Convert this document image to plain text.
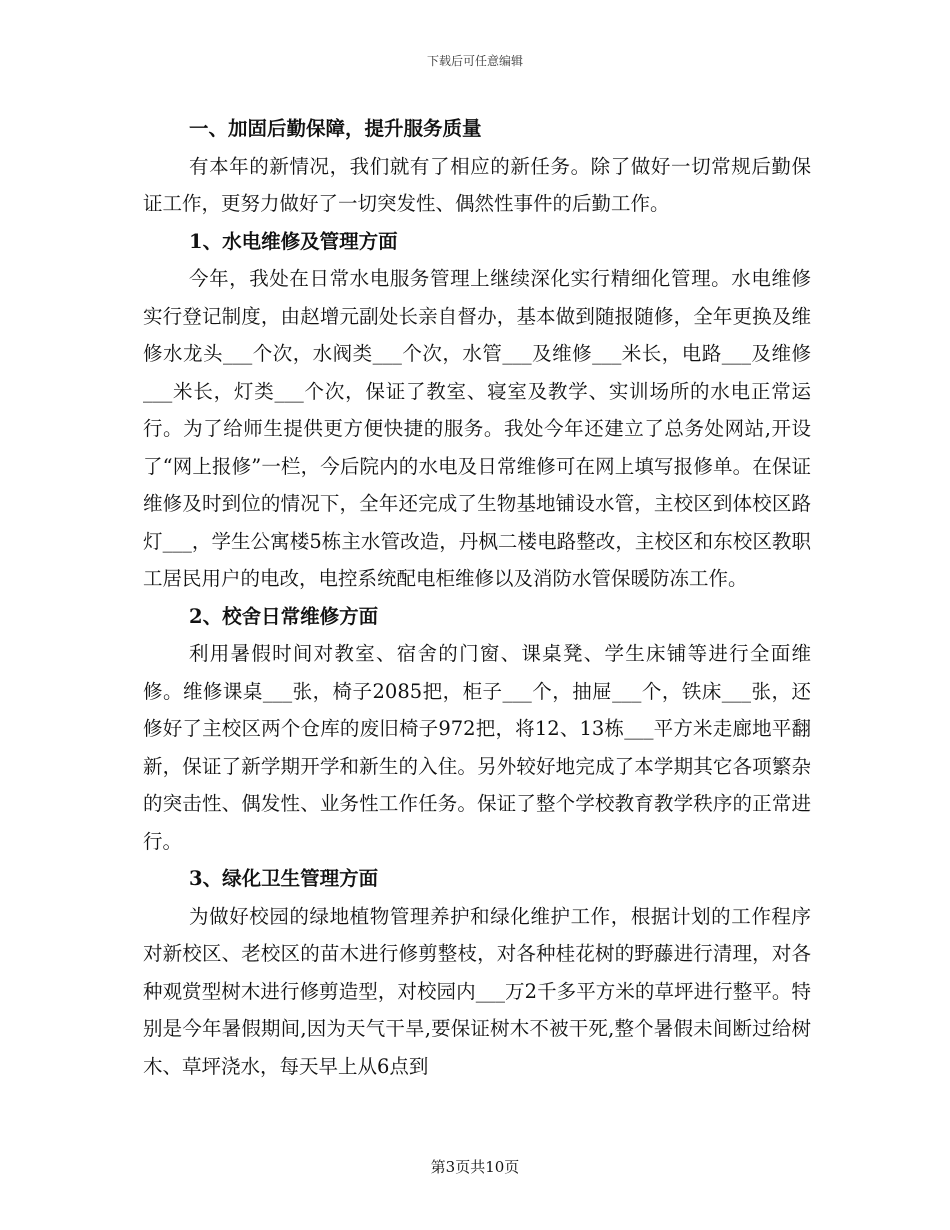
下载后可任意编辑

一、加固后勤保障，提升服务质量

有本年的新情况，我们就有了相应的新任务。除了做好一切常规后勤保证工作，更努力做好了一切突发性、偶然性事件的后勤工作。

1、水电维修及管理方面

今年，我处在日常水电服务管理上继续深化实行精细化管理。水电维修实行登记制度，由赵增元副处长亲自督办，基本做到随报随修，全年更换及维修水龙头___个次，水阀类___个次，水管___及维修___米长，电路___及维修___米长，灯类___个次，保证了教室、寝室及教学、实训场所的水电正常运行。为了给师生提供更方便快捷的服务。我处今年还建立了总务处网站,开设了“网上报修”一栏，今后院内的水电及日常维修可在网上填写报修单。在保证维修及时到位的情况下，全年还完成了生物基地铺设水管，主校区到体校区路灯___，学生公寓楼5栋主水管改造，丹枫二楼电路整改，主校区和东校区教职工居民用户的电改，电控系统配电柜维修以及消防水管保暖防冻工作。

2、校舍日常维修方面

利用暑假时间对教室、宿舍的门窗、课桌凳、学生床铺等进行全面维修。维修课桌___张，椅子2085把，柜子___个，抽屉___个，铁床___张，还修好了主校区两个仓库的废旧椅子972把，将12、13栋___平方米走廊地平翻新，保证了新学期开学和新生的入住。另外较好地完成了本学期其它各项繁杂的突击性、偶发性、业务性工作任务。保证了整个学校教育教学秩序的正常进行。

3、绿化卫生管理方面

为做好校园的绿地植物管理养护和绿化维护工作，根据计划的工作程序对新校区、老校区的苗木进行修剪整枝，对各种桂花树的野藤进行清理，对各种观赏型树木进行修剪造型，对校园内___万2千多平方米的草坪进行整平。特别是今年暑假期间,因为天气干旱,要保证树木不被干死,整个暑假未间断过给树木、草坪浇水，每天早上从6点到

第3页共10页
